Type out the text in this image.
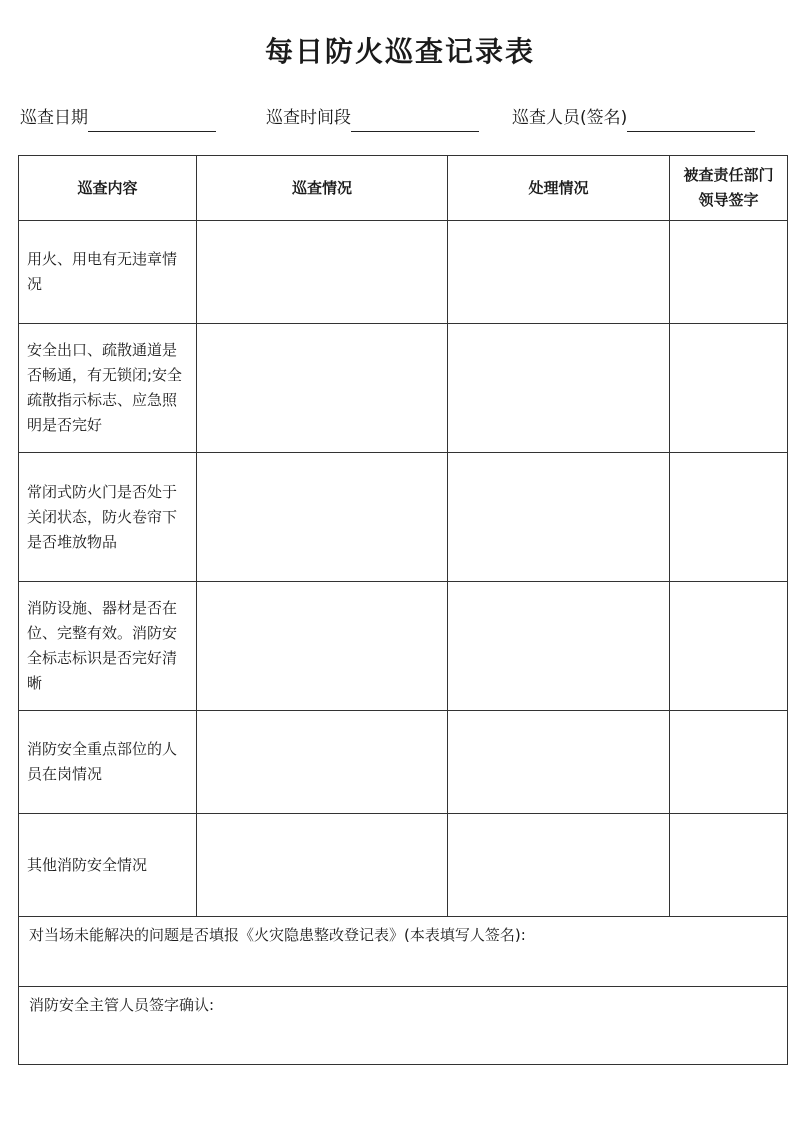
每日防火巡查记录表
巡查日期	巡查时间段	巡查人员(签名)
巡查内容	巡查情况	处理情况	被查责任部门领导签字
用火、用电有无违章情况			
安全出口、疏散通道是否畅通，有无锁闭;安全疏散指示标志、应急照明是否完好			
常闭式防火门是否处于关闭状态，防火卷帘下是否堆放物品			
消防设施、器材是否在位、完整有效。消防安全标志标识是否完好清晰			
消防安全重点部位的人员在岗情况			
其他消防安全情况			
对当场未能解决的问题是否填报《火灾隐患整改登记表》(本表填写人签名):			
消防安全主管人员签字确认:			
